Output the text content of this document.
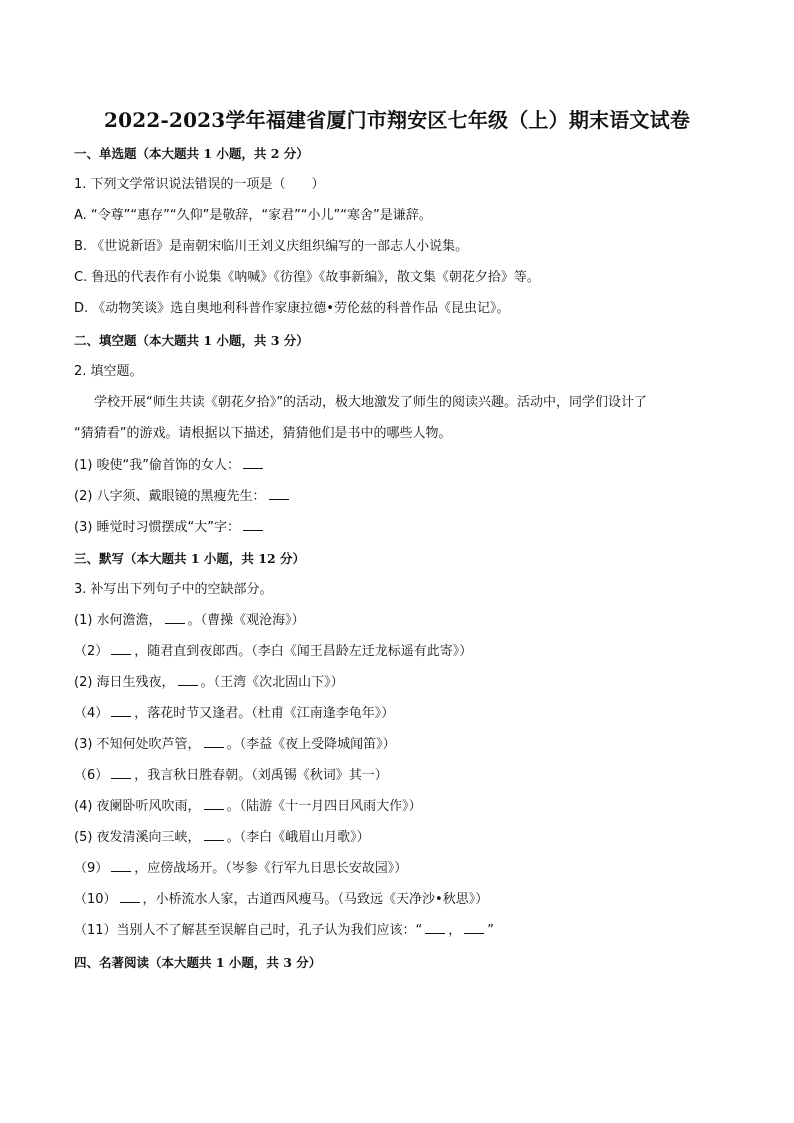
2022-2023学年福建省厦门市翔安区七年级（上）期末语文试卷
一、单选题（本大题共 1 小题，共 2 分）
1. 下列文学常识说法错误的一项是（　　）
A. “令尊”“惠存”“久仰”是敬辞，“家君”“小儿”“寒舍”是谦辞。
B. 《世说新语》是南朝宋临川王刘义庆组织编写的一部志人小说集。
C. 鲁迅的代表作有小说集《呐喊》《彷徨》《故事新编》，散文集《朝花夕拾》等。
D. 《动物笑谈》选自奥地利科普作家康拉德•劳伦兹的科普作品《昆虫记》。
二、填空题（本大题共 1 小题，共 3 分）
2. 填空题。
学校开展“师生共读《朝花夕拾》”的活动，极大地激发了师生的阅读兴趣。活动中，同学们设计了
“猜猜看”的游戏。请根据以下描述，猜猜他们是书中的哪些人物。
(1) 唆使“我”偷首饰的女人：
(2) 八字须、戴眼镜的黑瘦先生：
(3) 睡觉时习惯摆成“大”字：
三、默写（本大题共 1 小题，共 12 分）
3. 补写出下列句子中的空缺部分。
(1) 水何澹澹， 。（曹操《观沧海》）
（2） ，随君直到夜郎西。（李白《闻王昌龄左迁龙标遥有此寄》）
(2) 海日生残夜， 。（王湾《次北固山下》）
（4） ，落花时节又逢君。（杜甫《江南逢李龟年》）
(3) 不知何处吹芦管， 。（李益《夜上受降城闻笛》）
（6） ，我言秋日胜春朝。（刘禹锡《秋词》其一）
(4) 夜阑卧听风吹雨， 。（陆游《十一月四日风雨大作》）
(5) 夜发清溪向三峡， 。（李白《峨眉山月歌》）
（9） ，应傍战场开。（岑参《行军九日思长安故园》）
（10） ，小桥流水人家，古道西风瘦马。（马致远《天净沙•秋思》）
（11）当别人不了解甚至误解自己时，孔子认为我们应该：“ ， ”
四、名著阅读（本大题共 1 小题，共 3 分）
